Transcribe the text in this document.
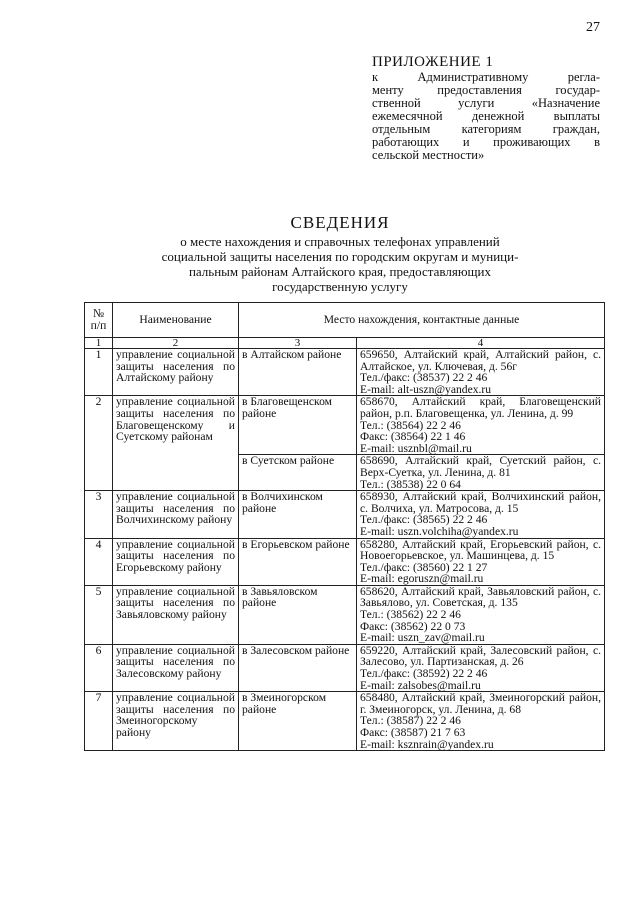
27
ПРИЛОЖЕНИЕ 1
к Административному регла-
менту предоставления государ-
ственной услуги «Назначение
ежемесячной денежной выплаты
отдельным категориям граждан,
работающих и проживающих в
сельской местности»
СВЕДЕНИЯ
о месте нахождения и справочных телефонах управлений
социальной защиты населения по городским округам и муници-
пальным районам Алтайского края, предоставляющих
государственную услугу
№ п/п	Наименование	Место нахождения, контактные данные	
1	2	3	4
1	управление социальной защиты населения по Алтайскому району	в Алтайском районе	659650, Алтайский край, Алтайский район, с. Алтайское, ул. Ключевая, д. 56г
Тел./факс: (38537) 22 2 46
E-mail: alt-uszn@yandex.ru

2	управление социальной защиты населения по Благовещенскому и Суетскому районам	в Благовещенском районе	658670, Алтайский край, Благовещенский район, р.п. Благовещенка, ул. Ленина, д. 99
Тел.: (38564) 22 2 46
Факс: (38564) 22 1 46
E-mail: usznbl@mail.ru

		в Суетском районе	658690, Алтайский край, Суетский район, с. Верх-Суетка, ул. Ленина, д. 81
Тел.: (38538) 22 0 64

3	управление социальной защиты населения по Волчихинскому району	в Волчихинском районе	658930, Алтайский край, Волчихинский район, с. Волчиха, ул. Матросова, д. 15
Тел./факс: (38565) 22 2 46
E-mail: uszn.volchiha@yandex.ru

4	управление социальной защиты населения по Егорьевскому району	в Егорьевском районе	658280, Алтайский край, Егорьевский район, с. Новоегорьевское, ул. Машинцева, д. 15
Тел./факс: (38560) 22 1 27
E-mail: egoruszn@mail.ru

5	управление социальной защиты населения по Завьяловскому району	в Завьяловском районе	658620, Алтайский край, Завьяловский район, с. Завьялово, ул. Советская, д. 135
Тел.: (38562) 22 2 46
Факс: (38562) 22 0 73
E-mail: uszn_zav@mail.ru

6	управление социальной защиты населения по Залесовскому району	в Залесовском районе	659220, Алтайский край, Залесовский район, с. Залесово, ул. Партизанская, д. 26
Тел./факс: (38592) 22 2 46
E-mail: zalsobes@mail.ru

7	управление социальной защиты населения по Змеиногорскому району	в Змеиногорском районе	658480, Алтайский край, Змеиногорский район, г. Змеиногорск, ул. Ленина, д. 68
Тел.: (38587) 22 2 46
Факс: (38587) 21 7 63
E-mail: ksznrain@yandex.ru
